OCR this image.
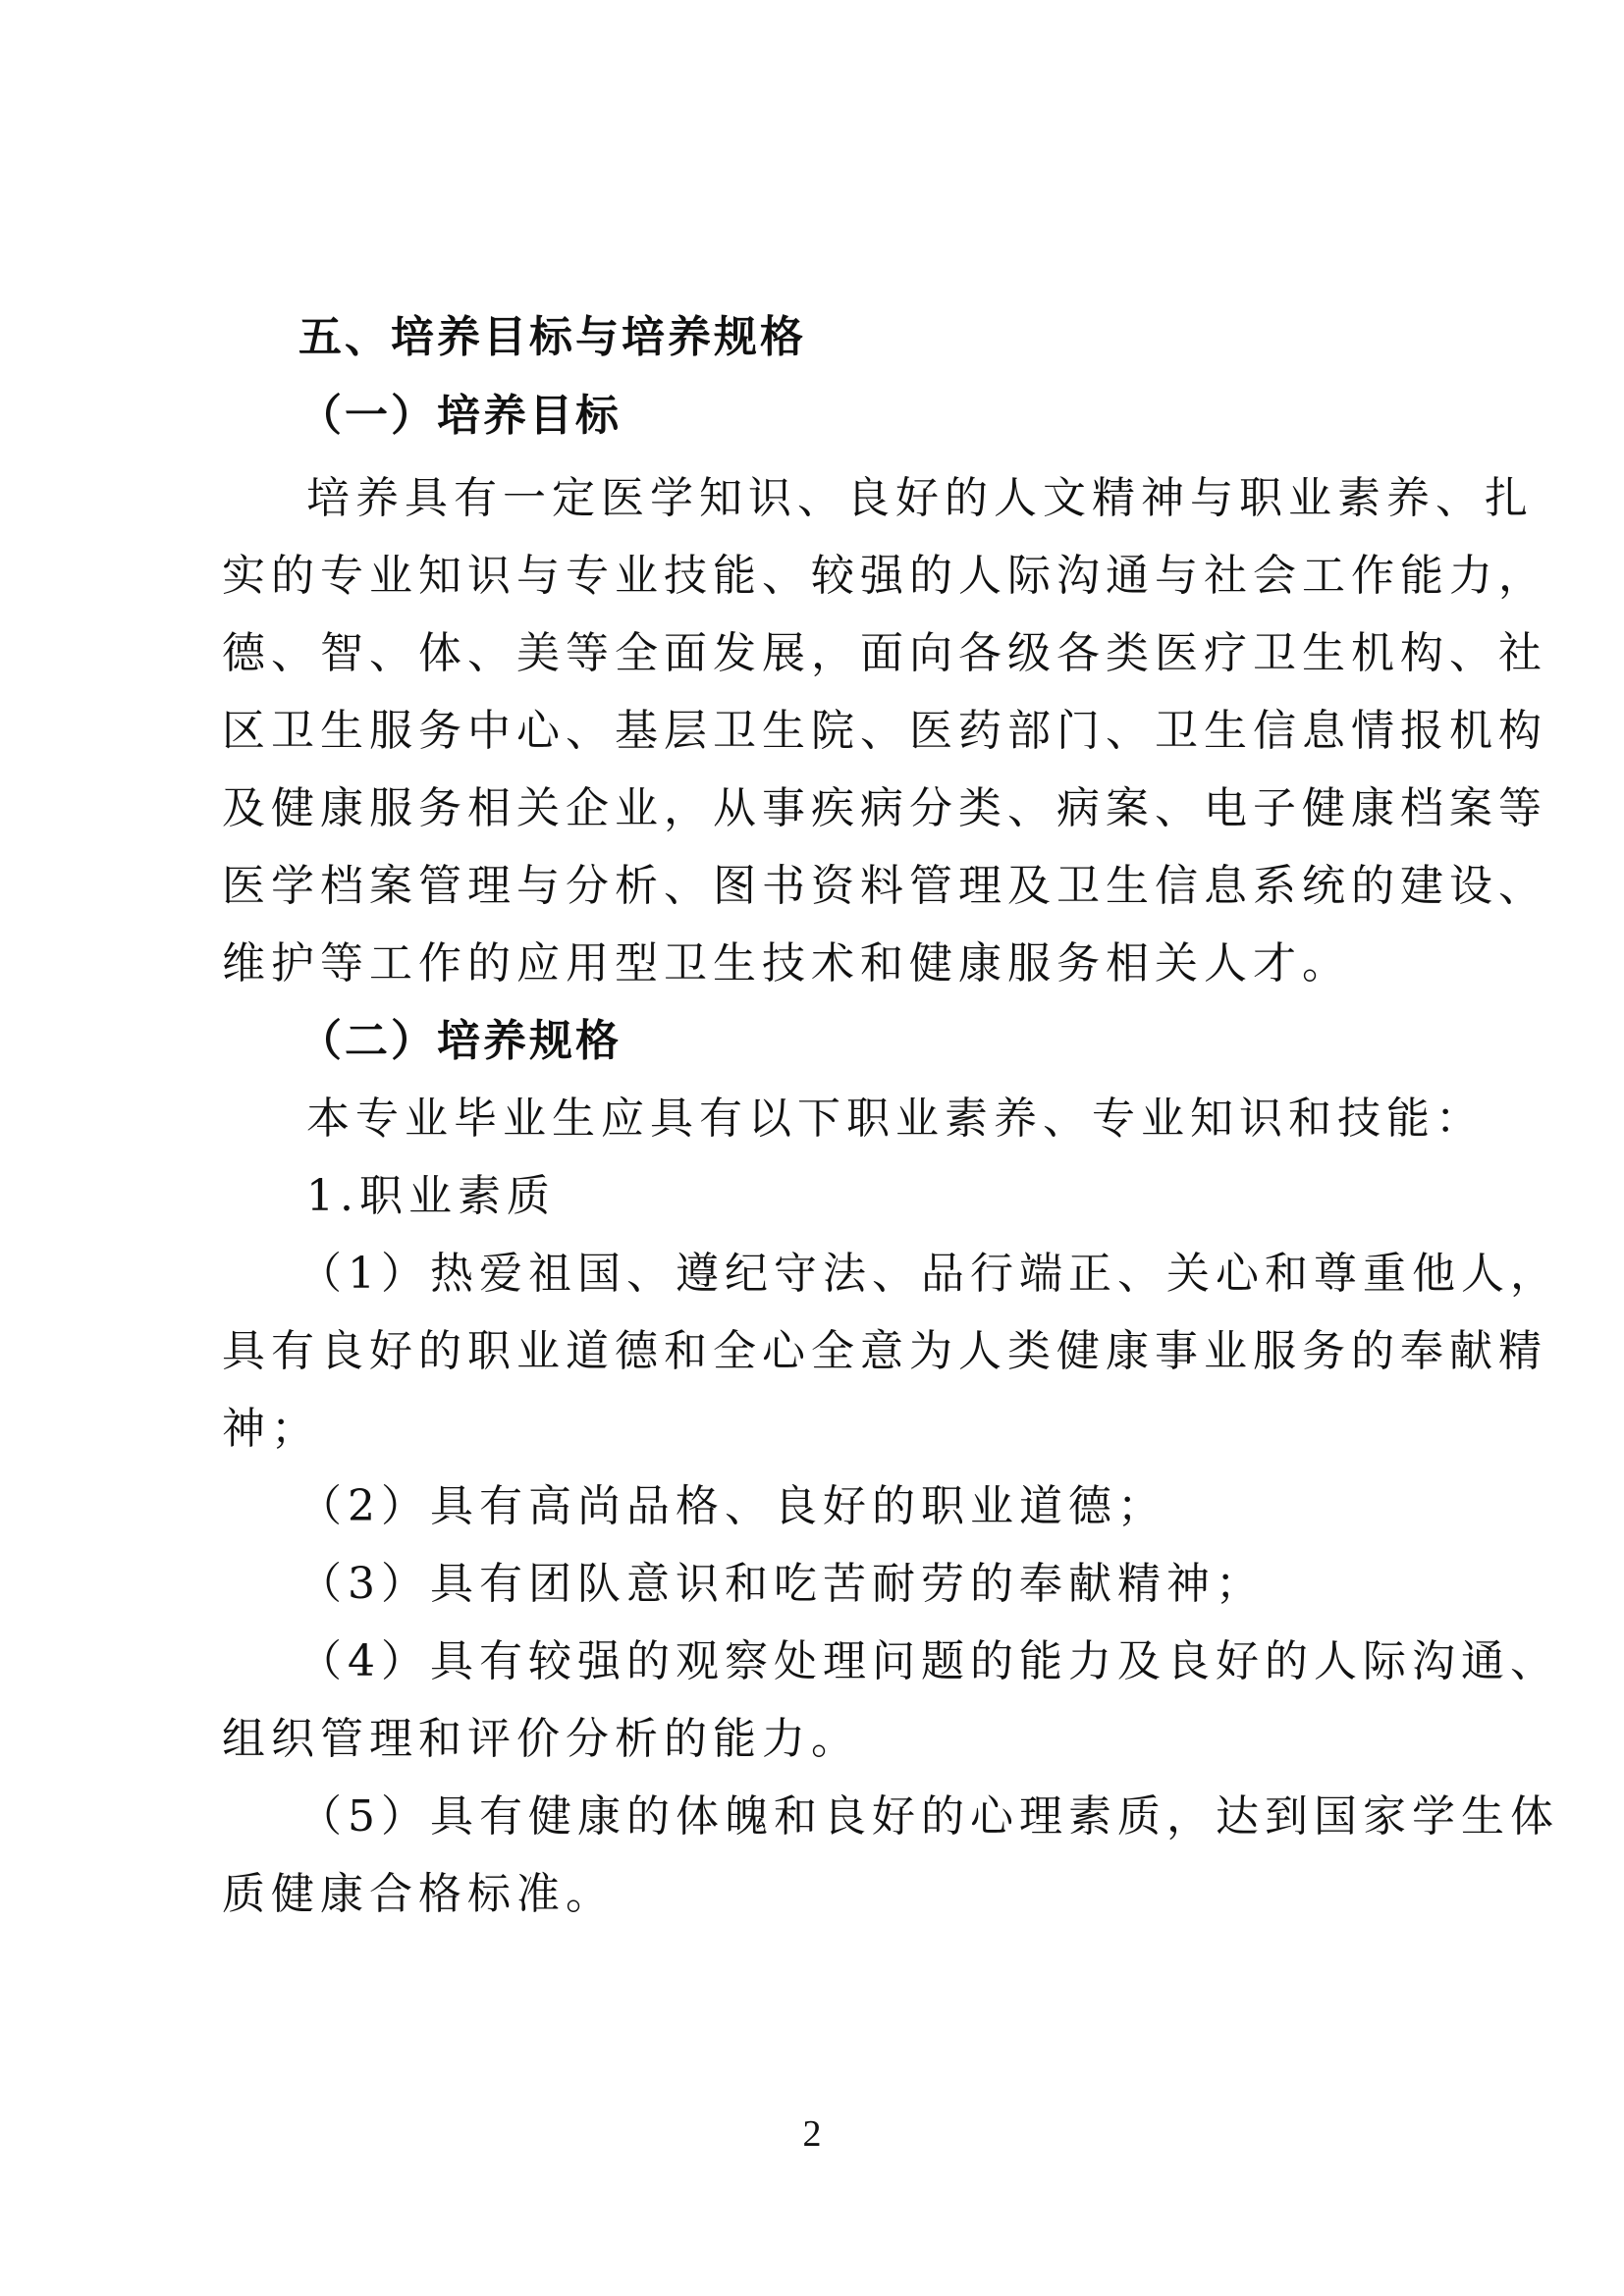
五、培养目标与培养规格
（一）培养目标
培养具有一定医学知识、良好的人文精神与职业素养、扎
实的专业知识与专业技能、较强的人际沟通与社会工作能力，
德、智、体、美等全面发展，面向各级各类医疗卫生机构、社
区卫生服务中心、基层卫生院、医药部门、卫生信息情报机构
及健康服务相关企业，从事疾病分类、病案、电子健康档案等
医学档案管理与分析、图书资料管理及卫生信息系统的建设、
维护等工作的应用型卫生技术和健康服务相关人才。
（二）培养规格
本专业毕业生应具有以下职业素养、专业知识和技能：
1.职业素质
（1）热爱祖国、遵纪守法、品行端正、关心和尊重他人，
具有良好的职业道德和全心全意为人类健康事业服务的奉献精
神；
（2）具有高尚品格、良好的职业道德；
（3）具有团队意识和吃苦耐劳的奉献精神；
（4）具有较强的观察处理问题的能力及良好的人际沟通、
组织管理和评价分析的能力。
（5）具有健康的体魄和良好的心理素质，达到国家学生体
质健康合格标准。
2
